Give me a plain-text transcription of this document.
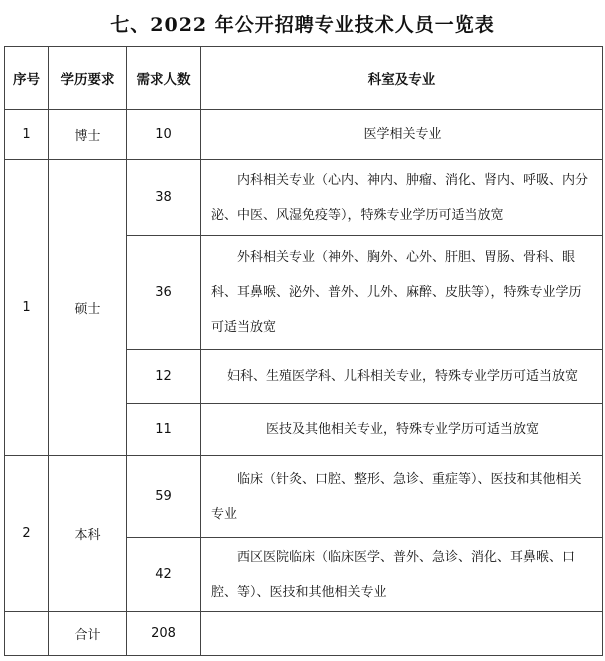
七、2022 年公开招聘专业技术人员一览表
序号	学历要求	需求人数	科室及专业
1	博士	10	医学相关专业
1	硕士	38	内科相关专业（心内、神内、肿瘤、消化、肾内、呼吸、内分泌、中医、风湿免疫等），特殊专业学历可适当放宽
		36	外科相关专业（神外、胸外、心外、肝胆、胃肠、骨科、眼科、耳鼻喉、泌外、普外、儿外、麻醉、皮肤等），特殊专业学历可适当放宽
		12	妇科、生殖医学科、儿科相关专业，特殊专业学历可适当放宽
		11	医技及其他相关专业，特殊专业学历可适当放宽
2	本科	59	临床（针灸、口腔、整形、急诊、重症等）、医技和其他相关专业
		42	西区医院临床（临床医学、普外、急诊、消化、耳鼻喉、口腔、等）、医技和其他相关专业
	合计	208	
